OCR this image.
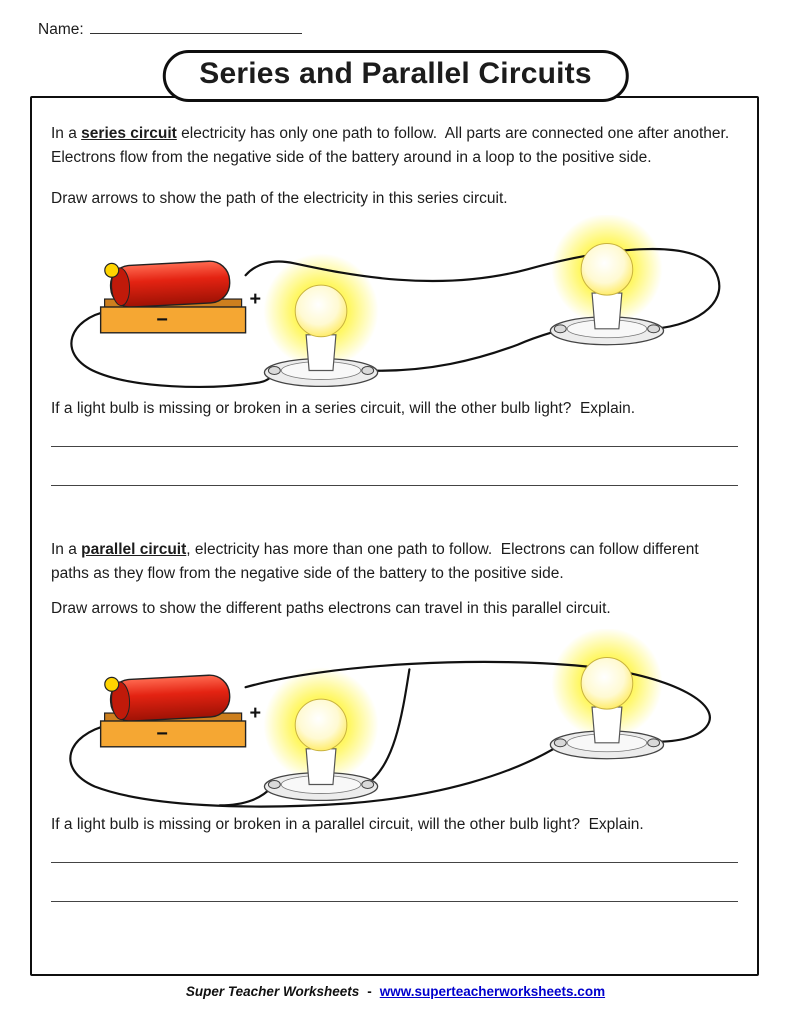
Name:
Series and Parallel Circuits

In a series circuit electricity has only one path to follow.  All parts are connected one after another.  Electrons flow from the negative side of the battery around in a loop to the positive side.

Draw arrows to show the path of the electricity in this series circuit.

−
+

If a light bulb is missing or broken in a series circuit, will the other bulb light?  Explain.

In a parallel circuit, electricity has more than one path to follow.  Electrons can follow different paths as they flow from the negative side of the battery to the positive side.

Draw arrows to show the different paths electrons can travel in this parallel circuit.

−
+

If a light bulb is missing or broken in a parallel circuit, will the other bulb light?  Explain.

Super Teacher Worksheets - www.superteacherworksheets.com
